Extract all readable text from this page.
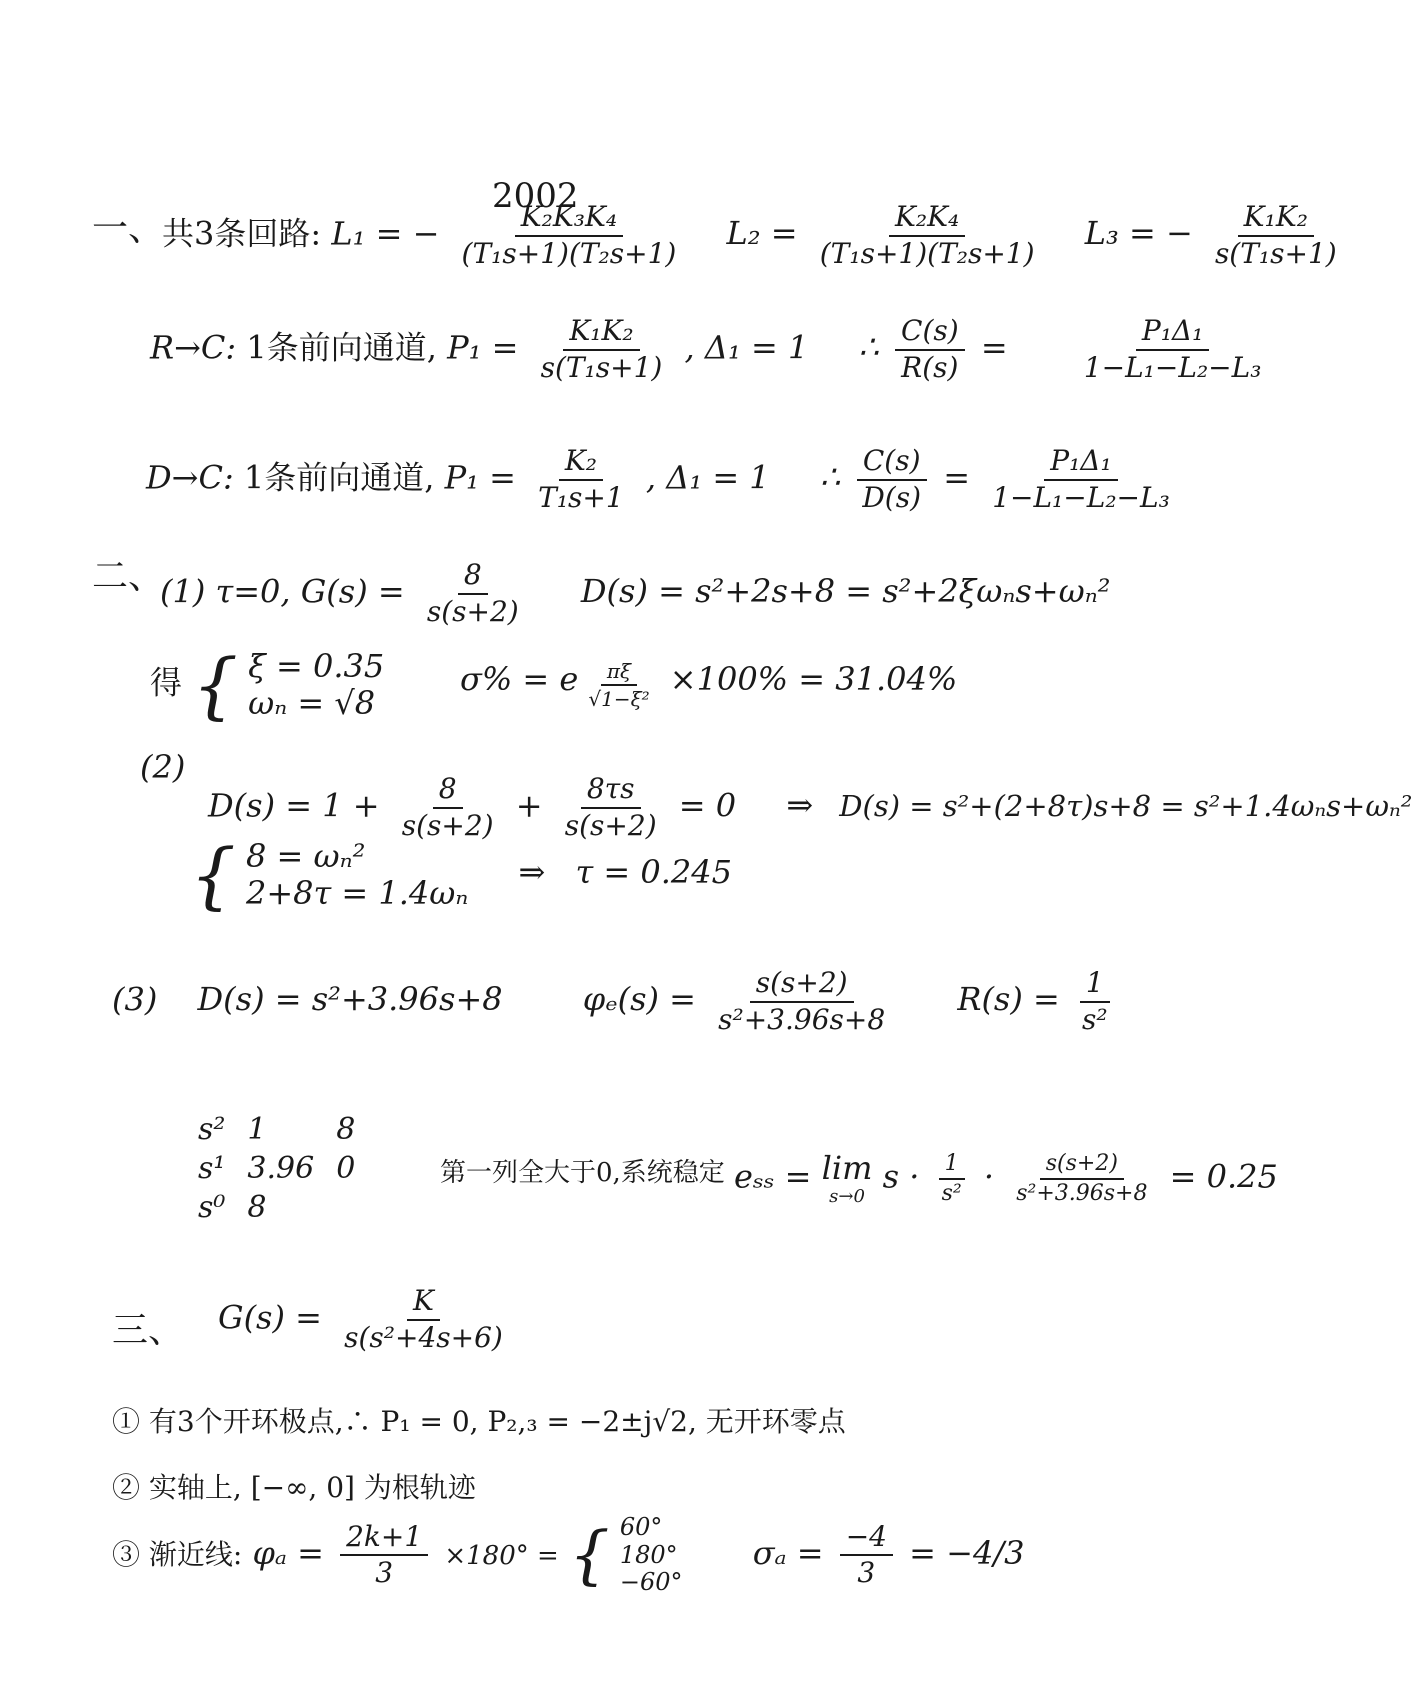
2002
一、
共3条回路: L₁ = − $\frac{\text{K₂K₃K₄}}{\text{(T₁s+1)(T₂s+1)}} L_2 = \frac{\text{K₂K₄}}{\text{(T₁s+1)(T₂s+1)}} L_3$ = − $\frac{\text{K₁K₂}}{\text{s(T₁s+1)}}$
R→C: 1条前向通道, $P_1 = \frac{\text{K₁K₂}}{\text{s(T₁s+1)}}$ , Δ₁ = 1 ∴ $\frac{C(s)}{R(s)}$ =	$\frac{\text{P₁Δ₁}}{\text{1−L₁−L₂−L₃}}$
D→C: 1条前向通道, $P_1 = \frac{\text{K₂}}{\text{T₁s+1}}$ , Δ₁ = 1 ∴ $\frac{C(s)}{D(s)} = \frac{\text{P₁Δ₁}}{\text{1−L₁−L₂−L₃}}$
二、
(1) τ=0, $G(s) = \frac{8}{s(s+2)} D(s) = s^2+2s+8 = s^2+2\xi\omega_ns+\omega_n^2$
得 { ξ = 0.35
ωₙ = √8
σ% = e $\frac{\pi\xi}{\text{√1−ξ²}} \times 100\% = 31.04\%$
(2)
$D(s) = 1 + \frac{8}{s(s+2)} + \frac{8\tau s}{s(s+2)} = 0$ ⇒ D(s) = s²+(2+8τ)s+8 = s²+1.4ωₙs+ωₙ²
{ 8 = ωₙ²
2+8τ = 1.4ωₙ
⇒ τ = 0.245
(3) D(s) = s²+3.96s+8	$\varphi_e(s) = \frac{s(s+2)}{\text{s²+3.96s+8}} R(s) = \frac{1}{\text{s²}}$
s²	1	8
s¹	3.96	0
s⁰	8	
第一列全大于0,系统稳定 eₛₛ = lim
s→0
$s \cdot \frac{1}{\text{s²}} \cdot \frac{s(s+2)}{\text{s²+3.96s+8}} = 0.25$
三、 $G(s) = \frac{K}{\text{s(s²+4s+6)}}$
① 有3个开环极点,∴ P₁ = 0, P₂,₃ = −2±j√2, 无开环零点
② 实轴上, [−∞, 0] 为根轨迹
③ 渐近线: $\varphi_a = \frac{2k+1}{3} \times 180^\circ$ = { 60°
180°
−60°
$\sigma_a = \frac{-4}{3} = -4/3$
